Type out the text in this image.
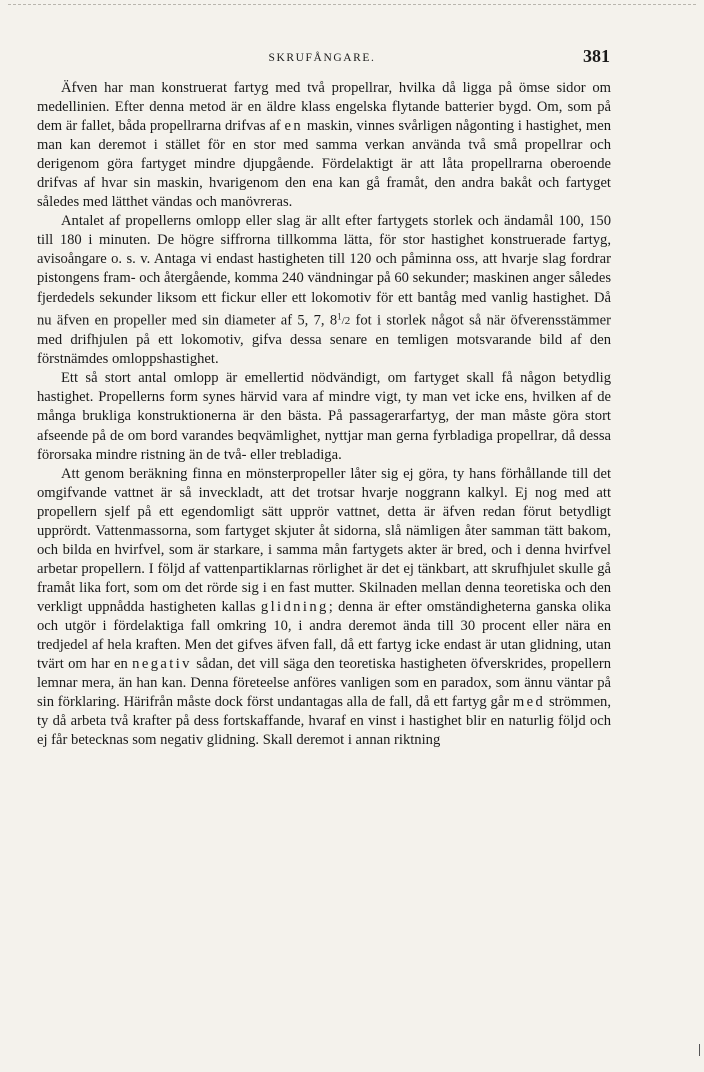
SKRUFÅNGARE.	381

Äfven har man konstruerat fartyg med två propellrar, hvilka då ligga på ömse sidor om medellinien. Efter denna metod är en äldre klass engelska flytande batterier bygd. Om, som på dem är fallet, båda propellrarna drifvas af en maskin, vinnes svårligen någonting i hastighet, men man kan deremot i stället för en stor med samma verkan använda två små propellrar och derigenom göra fartyget mindre djupgående. Fördelaktigt är att låta propellrarna oberoende drifvas af hvar sin maskin, hvarigenom den ena kan gå framåt, den andra bakåt och fartyget således med lätthet vändas och manövreras.

Antalet af propellerns omlopp eller slag är allt efter fartygets storlek och ändamål 100, 150 till 180 i minuten. De högre siffrorna tillkomma lätta, för stor hastighet konstruerade fartyg, avisoångare o. s. v. Antaga vi endast hastigheten till 120 och påminna oss, att hvarje slag fordrar pistongens fram- och återgående, komma 240 vändningar på 60 sekunder; maskinen anger således fjerdedels sekunder liksom ett fickur eller ett lokomotiv för ett bantåg med vanlig hastighet. Då nu äfven en propeller med sin diameter af 5, 7, $8^1/2$ fot i storlek något så när öfverensstämmer med drifhjulen på ett lokomotiv, gifva dessa senare en temligen motsvarande bild af den förstnämdes omloppshastighet.

Ett så stort antal omlopp är emellertid nödvändigt, om fartyget skall få någon betydlig hastighet. Propellerns form synes härvid vara af mindre vigt, ty man vet icke ens, hvilken af de många brukliga konstruktionerna är den bästa. På passagerarfartyg, der man måste göra stort afseende på de om bord varandes beqvämlighet, nyttjar man gerna fyrbladiga propellrar, då dessa förorsaka mindre ristning än de två- eller trebladiga.

Att genom beräkning finna en mönsterpropeller låter sig ej göra, ty hans förhållande till det omgifvande vattnet är så inveckladt, att det trotsar hvarje noggrann kalkyl. Ej nog med att propellern sjelf på ett egendomligt sätt upprör vattnet, detta är äfven redan förut betydligt upprördt. Vattenmassorna, som fartyget skjuter åt sidorna, slå nämligen åter samman tätt bakom, och bilda en hvirfvel, som är starkare, i samma mån fartygets akter är bred, och i denna hvirfvel arbetar propellern. I följd af vattenpartiklarnas rörlighet är det ej tänkbart, att skrufhjulet skulle gå framåt lika fort, som om det rörde sig i en fast mutter. Skilnaden mellan denna teoretiska och den verkligt uppnådda hastigheten kallas glidning; denna är efter omständigheterna ganska olika och utgör i fördelaktiga fall omkring 10, i andra deremot ända till 30 procent eller nära en tredjedel af hela kraften. Men det gifves äfven fall, då ett fartyg icke endast är utan glidning, utan tvärt om har en negativ sådan, det vill säga den teoretiska hastigheten öfverskrides, propellern lemnar mera, än han kan. Denna företeelse anföres vanligen som en paradox, som ännu väntar på sin förklaring. Härifrån måste dock först undantagas alla de fall, då ett fartyg går med strömmen, ty då arbeta två krafter på dess fortskaffande, hvaraf en vinst i hastighet blir en naturlig följd och ej får betecknas som negativ glidning. Skall deremot i annan riktning
